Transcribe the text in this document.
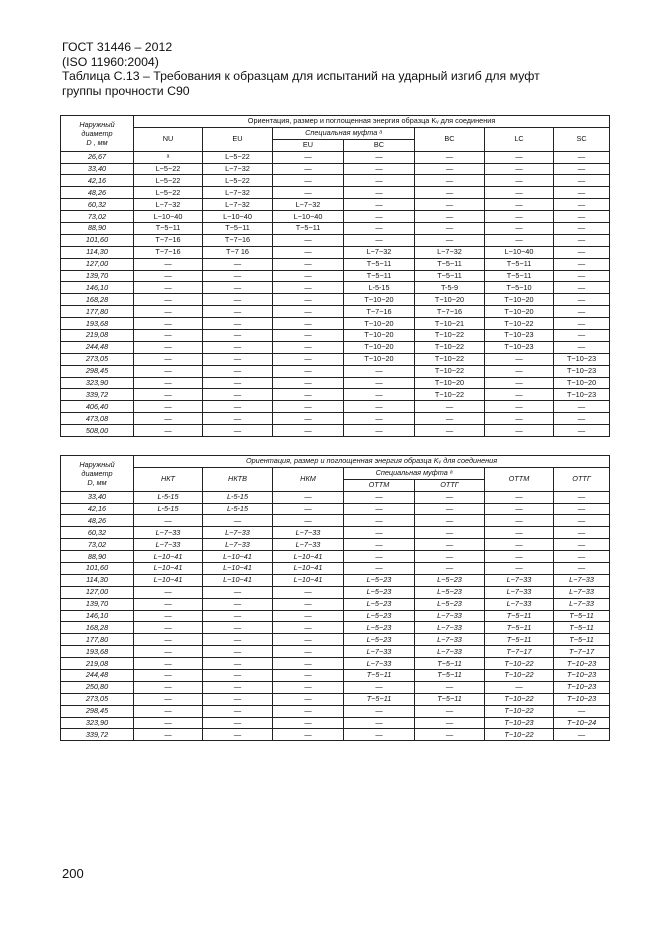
ГОСТ 31446 – 2012
(ISO 11960:2004)
Таблица С.13 – Требования к образцам для испытаний на ударный изгиб для муфт
группы прочности С90
Наружный
диаметр
D , мм	Ориентация, размер и поглощенная энергия образца Kᵥ для соединения						
	NU	EU	Специальная муфта ᵃ		BC	LC	SC
			EU	BC			
26,67	ᵃ	L−5−22	—	—	—	—	—
33,40	L−5−22	L−7−32	—	—	—	—	—
42,16	L−5−22	L−5−22	—	—	—	—	—
48,26	L−5−22	L−7−32	—	—	—	—	—
60,32	L−7−32	L−7−32	L−7−32	—	—	—	—
73,02	L−10−40	L−10−40	L−10−40	—	—	—	—
88,90	T−5−11	T−5−11	T−5−11	—	—	—	—
101,60	T−7−16	T−7−16	—	—	—	—	—
114,30	T−7−16	T−7 16	—	L−7−32	L−7−32	L−10−40	—
127,00	—	—	—	T−5−11	T−5−11	T−5−11	—
139,70	—	—	—	T−5−11	T−5−11	T−5−11	—
146,10	—	—	—	L-5-15	T-5-9	T−5−10	—
168,28	—	—	—	T−10−20	T−10−20	T−10−20	—
177,80	—	—	—	T−7−16	T−7−16	T−10−20	—
193,68	—	—	—	T−10−20	T−10−21	T−10−22	—
219,08	—	—	—	T−10−20	T−10−22	T−10−23	—
244,48	—	—	—	T−10−20	T−10−22	T−10−23	—
273,05	—	—	—	T−10−20	T−10−22	—	T−10−23
298,45	—	—	—	—	T−10−22	—	T−10−23
323,90	—	—	—	—	T−10−20	—	T−10−20
339,72	—	—	—	—	T−10−22	—	T−10−23
406,40	—	—	—	—	—	—	—
473,08	—	—	—	—	—	—	—
508,00	—	—	—	—	—	—	—
Наружный
диаметр
D, мм	Ориентация, размер и поглощенная энергия образца Kᵥ для соединения						
	НКТ	НКТВ	НКМ	Специальная муфта ᵃ		ОТТМ	ОТТГ
				ОТТМ	ОТТГ		
33,40	L-5-15	L-5-15	—	—	—	—	—
42,16	L-5-15	L-5-15	—	—	—	—	—
48,26	—	—	—	—	—	—	—
60,32	L−7−33	L−7−33	L−7−33	—	—	—	—
73,02	L−7−33	L−7−33	L−7−33	—	—	—	—
88,90	L−10−41	L−10−41	L−10−41	—	—	—	—
101,60	L−10−41	L−10−41	L−10−41	—	—	—	—
114,30	L−10−41	L−10−41	L−10−41	L−5−23	L−5−23	L−7−33	L−7−33
127,00	—	—	—	L−5−23	L−5−23	L−7−33	L−7−33
139,70	—	—	—	L−5−23	L−5−23	L−7−33	L−7−33
146,10	—	—	—	L−5−23	L−7−33	T−5−11	T−5−11
168,28	—	—	—	L−5−23	L−7−33	T−5−11	T−5−11
177,80	—	—	—	L−5−23	L−7−33	T−5−11	T−5−11
193,68	—	—	—	L−7−33	L−7−33	T−7−17	T−7−17
219,08	—	—	—	L−7−33	T−5−11	T−10−22	T−10−23
244,48	—	—	—	T−5−11	T−5−11	T−10−22	T−10−23
250,80	—	—	—	—	—	—	T−10−23
273,05	—	—	—	T−5−11	T−5−11	T−10−22	T−10−23
298,45	—	—	—	—	—	T−10−22	—
323,90	—	—	—	—	—	T−10−23	T−10−24
339,72	—	—	—	—	—	T−10−22	—
200
